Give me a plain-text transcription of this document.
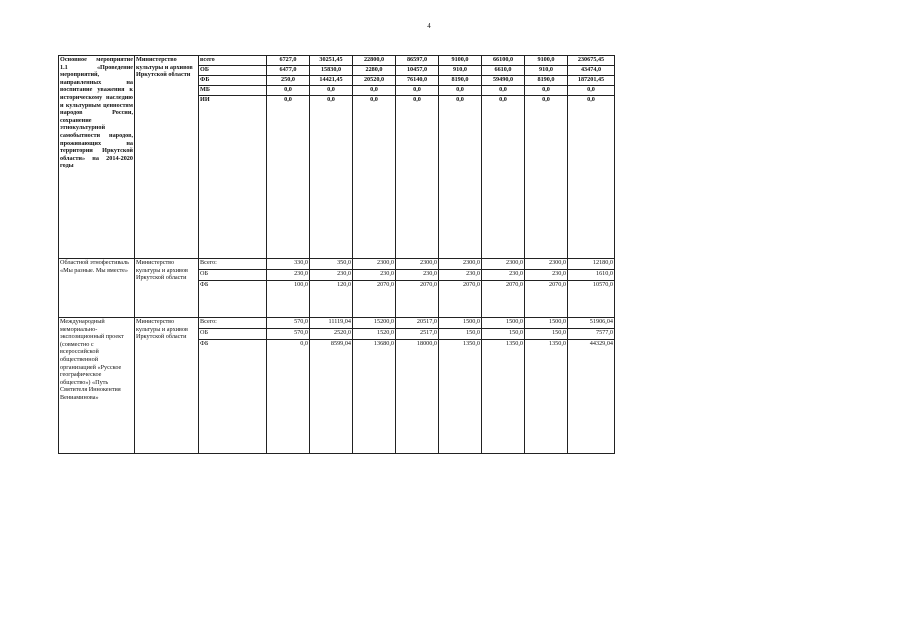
4
Основное мероприятие 1.1 «Проведение мероприятий, направленных на воспитание уважения к историческому наследию и культурным ценностям народов России, сохранение этнокультурной самобытности народов, проживающих на территории Иркутской области» на 2014-2020 годы	Министерство культуры и архивов Иркутской области	всего	6727,0	30251,45	22800,0	86597,0	9100,0	66100,0	9100,0	230675,45
		ОБ	6477,0	15830,0	2280,0	10457,0	910,0	6610,0	910,0	43474,0
		ФБ	250,0	14421,45	20520,0	76140,0	8190,0	59490,0	8190,0	187201,45
		МБ	0,0	0,0	0,0	0,0	0,0	0,0	0,0	0,0
		ИИ	0,0	0,0	0,0	0,0	0,0	0,0	0,0	0,0
Областной этнофестиваль «Мы разные. Мы вместе»	Министерство культуры и архивов Иркутской области	Всего:	330,0	350,0	2300,0	2300,0	2300,0	2300,0	2300,0	12180,0
		ОБ	230,0	230,0	230,0	230,0	230,0	230,0	230,0	1610,0
		ФБ	100,0	120,0	2070,0	2070,0	2070,0	2070,0	2070,0	10570,0
Международный мемориально-экспозиционный проект (совместно с всероссийской общественной организацией «Русское географическое общество») «Путь Святителя Иннокентия Вениаминова»	Министерство культуры и архивов Иркутской области	Всего:	570,0	11119,04	15200,0	20517,0	1500,0	1500,0	1500,0	51906,04
		ОБ	570,0	2520,0	1520,0	2517,0	150,0	150,0	150,0	7577,0
		ФБ	0,0	8599,04	13680,0	18000,0	1350,0	1350,0	1350,0	44329,04
